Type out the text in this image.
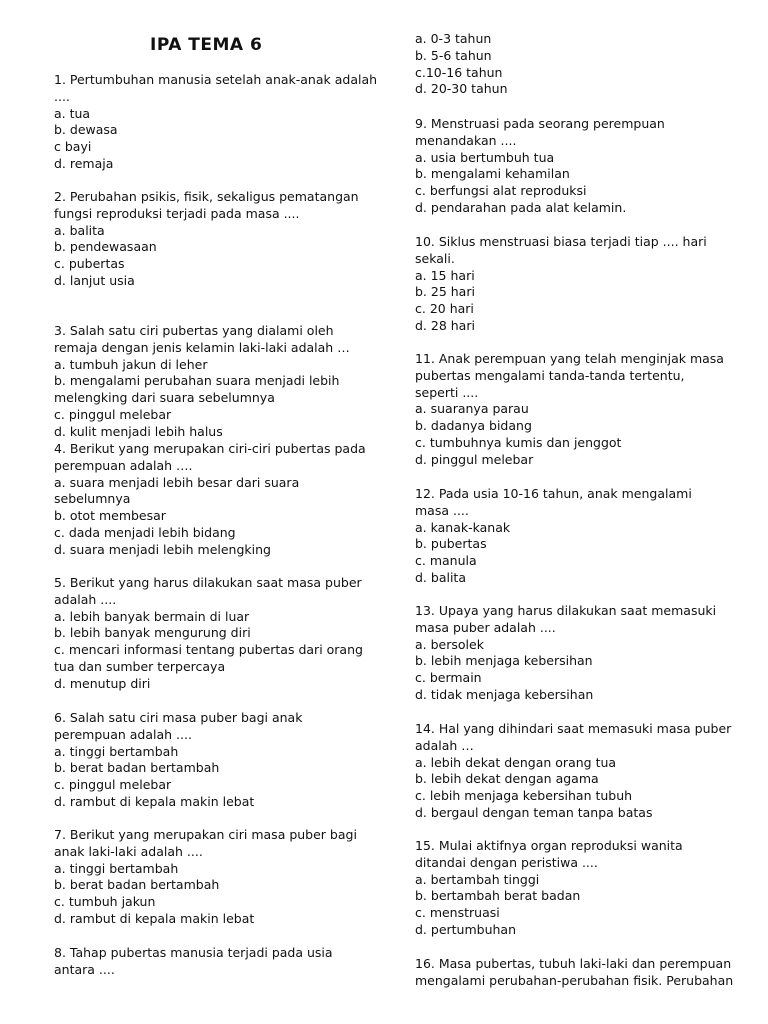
IPA TEMA 6
1. Pertumbuhan manusia setelah anak-anak adalah
....
a. tua
b. dewasa
c bayi
d. remaja
2. Perubahan psikis, fisik, sekaligus pematangan
fungsi reproduksi terjadi pada masa ....
a. balita
b. pendewasaan
c. pubertas
d. lanjut usia
3. Salah satu ciri pubertas yang dialami oleh
remaja dengan jenis kelamin laki-laki adalah …
a. tumbuh jakun di leher
b. mengalami perubahan suara menjadi lebih
melengking dari suara sebelumnya
c. pinggul melebar
d. kulit menjadi lebih halus
4. Berikut yang merupakan ciri-ciri pubertas pada
perempuan adalah ….
a. suara menjadi lebih besar dari suara
sebelumnya
b. otot membesar
c. dada menjadi lebih bidang
d. suara menjadi lebih melengking
5. Berikut yang harus dilakukan saat masa puber
adalah ....
a. lebih banyak bermain di luar
b. lebih banyak mengurung diri
c. mencari informasi tentang pubertas dari orang
tua dan sumber terpercaya
d. menutup diri
6. Salah satu ciri masa puber bagi anak
perempuan adalah ....
a. tinggi bertambah
b. berat badan bertambah
c. pinggul melebar
d. rambut di kepala makin lebat
7. Berikut yang merupakan ciri masa puber bagi
anak laki-laki adalah ....
a. tinggi bertambah
b. berat badan bertambah
c. tumbuh jakun
d. rambut di kepala makin lebat
8. Tahap pubertas manusia terjadi pada usia
antara ....
a. 0-3 tahun
b. 5-6 tahun
c.10-16 tahun
d. 20-30 tahun
9. Menstruasi pada seorang perempuan
menandakan ....
a. usia bertumbuh tua
b. mengalami kehamilan
c. berfungsi alat reproduksi
d. pendarahan pada alat kelamin.
10. Siklus menstruasi biasa terjadi tiap .... hari
sekali.
a. 15 hari
b. 25 hari
c. 20 hari
d. 28 hari
11. Anak perempuan yang telah menginjak masa
pubertas mengalami tanda-tanda tertentu,
seperti ....
a. suaranya parau
b. dadanya bidang
c. tumbuhnya kumis dan jenggot
d. pinggul melebar
12. Pada usia 10-16 tahun, anak mengalami
masa ....
a. kanak-kanak
b. pubertas
c. manula
d. balita
13. Upaya yang harus dilakukan saat memasuki
masa puber adalah ....
a. bersolek
b. lebih menjaga kebersihan
c. bermain
d. tidak menjaga kebersihan
14. Hal yang dihindari saat memasuki masa puber
adalah …
a. lebih dekat dengan orang tua
b. lebih dekat dengan agama
c. lebih menjaga kebersihan tubuh
d. bergaul dengan teman tanpa batas
15. Mulai aktifnya organ reproduksi wanita
ditandai dengan peristiwa ....
a. bertambah tinggi
b. bertambah berat badan
c. menstruasi
d. pertumbuhan
16. Masa pubertas, tubuh laki-laki dan perempuan
mengalami perubahan-perubahan fisik. Perubahan
